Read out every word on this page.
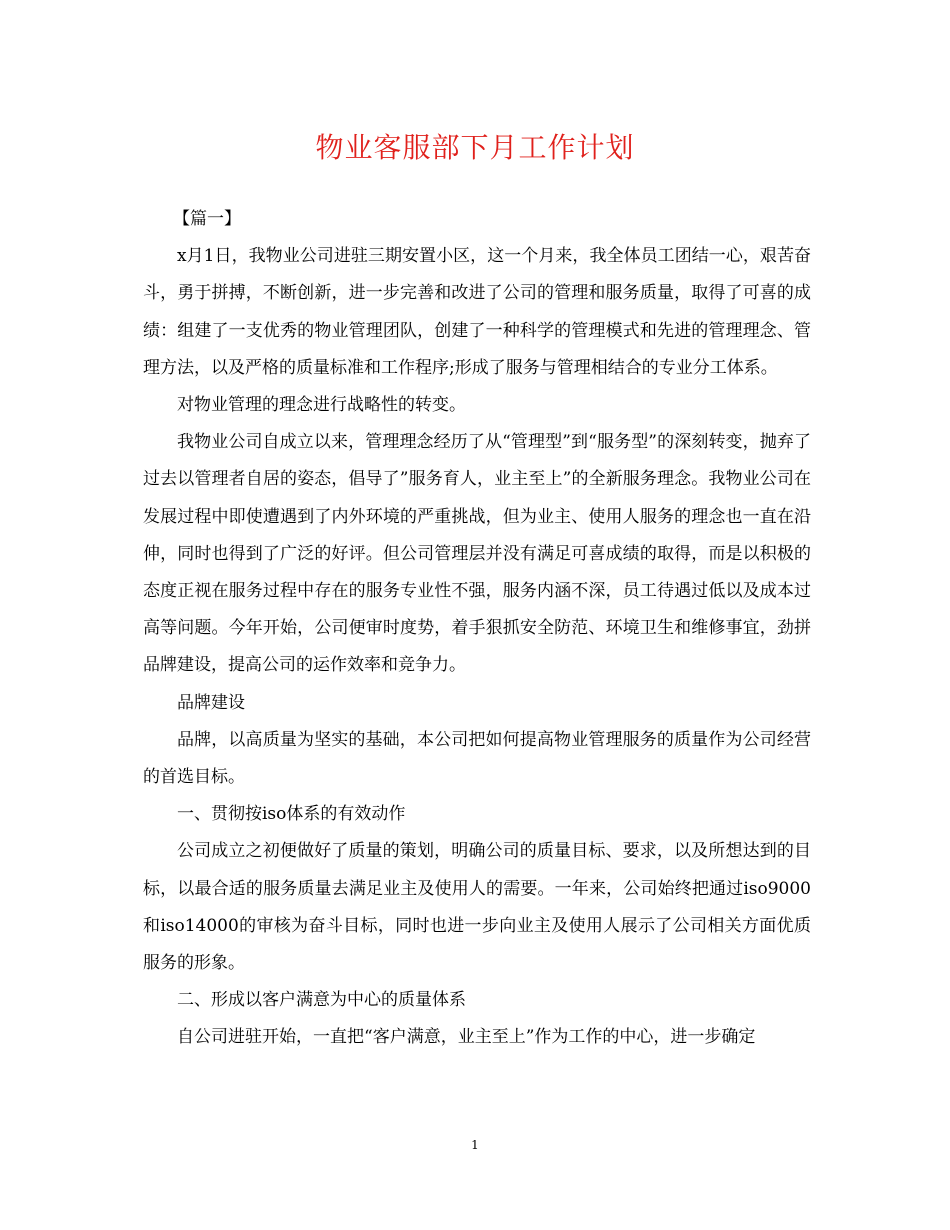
物业客服部下月工作计划

【篇一】

x月1日，我物业公司进驻三期安置小区，这一个月来，我全体员工团结一心，艰苦奋斗，勇于拼搏，不断创新，进一步完善和改进了公司的管理和服务质量，取得了可喜的成绩：组建了一支优秀的物业管理团队，创建了一种科学的管理模式和先进的管理理念、管理方法，以及严格的质量标准和工作程序;形成了服务与管理相结合的专业分工体系。

对物业管理的理念进行战略性的转变。

我物业公司自成立以来，管理理念经历了从“管理型”到“服务型”的深刻转变，抛弃了过去以管理者自居的姿态，倡导了”服务育人，业主至上”的全新服务理念。我物业公司在发展过程中即使遭遇到了内外环境的严重挑战，但为业主、使用人服务的理念也一直在沿伸，同时也得到了广泛的好评。但公司管理层并没有满足可喜成绩的取得，而是以积极的态度正视在服务过程中存在的服务专业性不强，服务内涵不深，员工待遇过低以及成本过高等问题。今年开始，公司便审时度势，着手狠抓安全防范、环境卫生和维修事宜，劲拼品牌建设，提高公司的运作效率和竞争力。

品牌建设

品牌，以高质量为坚实的基础，本公司把如何提高物业管理服务的质量作为公司经营的首选目标。

一、贯彻按iso体系的有效动作

公司成立之初便做好了质量的策划，明确公司的质量目标、要求，以及所想达到的目标，以最合适的服务质量去满足业主及使用人的需要。一年来，公司始终把通过iso9000和iso14000的审核为奋斗目标，同时也进一步向业主及使用人展示了公司相关方面优质服务的形象。

二、形成以客户满意为中心的质量体系

自公司进驻开始，一直把“客户满意，业主至上”作为工作的中心，进一步确定

1
